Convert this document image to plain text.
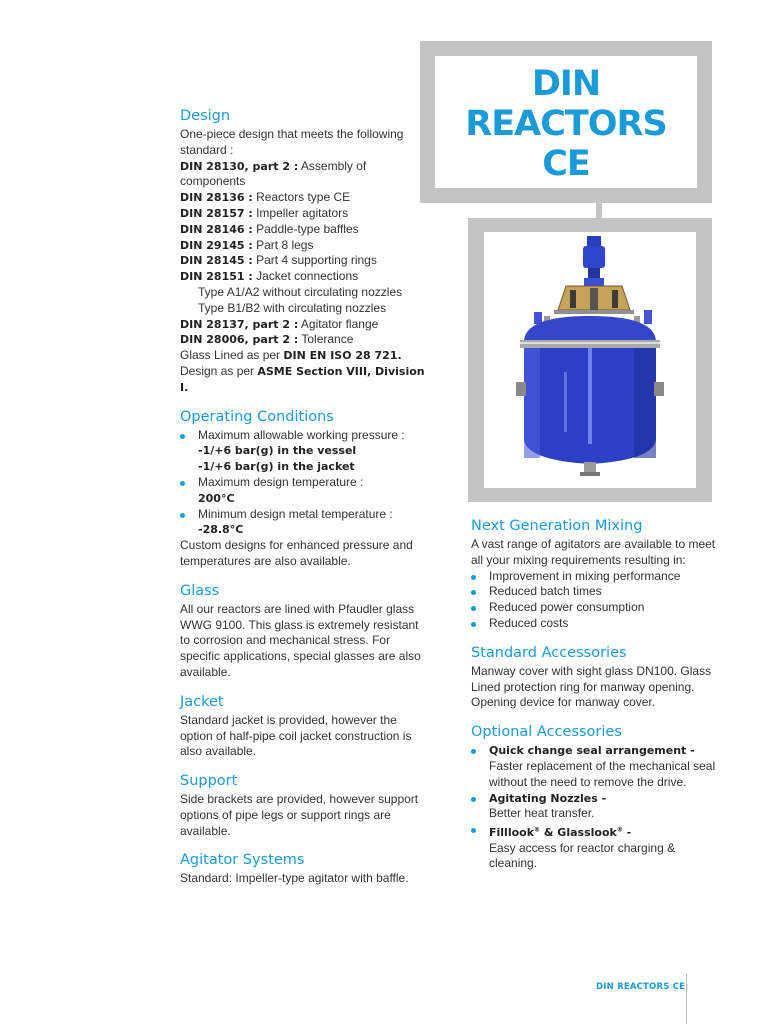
DIN
REACTORS
CE
Design

One-piece design that meets the following standard :

DIN 28130, part 2 : Assembly of components

DIN 28136 : Reactors type CE

DIN 28157 : Impeller agitators

DIN 28146 : Paddle-type baffles

DIN 29145 : Part 8 legs

DIN 28145 : Part 4 supporting rings

DIN 28151 : Jacket connections

Type A1/A2 without circulating nozzles

Type B1/B2 with circulating nozzles

DIN 28137, part 2 : Agitator flange

DIN 28006, part 2 : Tolerance

Glass Lined as per DIN EN ISO 28 721.

Design as per ASME Section VIII, Division I.

Operating Conditions
Maximum allowable working pressure :
-1/+6 bar(g) in the vessel
-1/+6 bar(g) in the jacket
Maximum design temperature :
200°C
Minimum design metal temperature :
-28.8°C

Custom designs for enhanced pressure and temperatures are also available.

Glass

All our reactors are lined with Pfaudler glass WWG 9100. This glass is extremely resistant to corrosion and mechanical stress. For specific applications, special glasses are also available.

Jacket

Standard jacket is provided, however the option of half-pipe coil jacket construction is also available.

Support

Side brackets are provided, however support options of pipe legs or support rings are available.

Agitator Systems

Standard: Impeller-type agitator with baffle.

Next Generation Mixing

A vast range of agitators are available to meet all your mixing requirements resulting in:

Improvement in mixing performance
Reduced batch times
Reduced power consumption
Reduced costs
Standard Accessories

Manway cover with sight glass DN100. Glass Lined protection ring for manway opening. Opening device for manway cover.

Optional Accessories
Quick change seal arrangement -
Faster replacement of the mechanical seal without the need to remove the drive.
Agitating Nozzles -
Better heat transfer.
Filllook® & Glasslook® -
Easy access for reactor charging & cleaning.
DIN REACTORS CE
